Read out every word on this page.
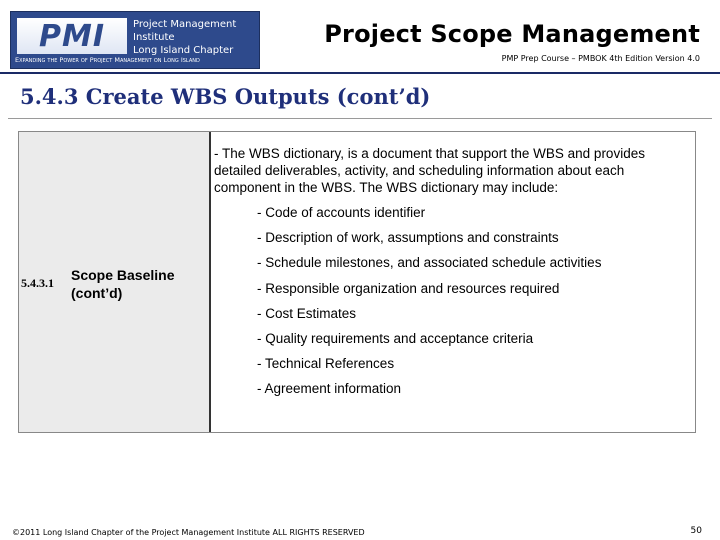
PMI	Project Management Institute
Long Island Chapter
Expanding the Power of Project Management on Long Island
Project Scope Management
PMP Prep Course – PMBOK 4th Edition Version 4.0
5.4.3 Create WBS Outputs (cont’d)
5.4.3.1 Scope Baseline (cont’d)
- The WBS dictionary, is a document that support the WBS and provides detailed deliverables, activity, and scheduling information about each component in the WBS. The WBS dictionary may include:
- Code of accounts identifier
- Description of work, assumptions and constraints
- Schedule milestones, and associated schedule activities
- Responsible organization and resources required
- Cost Estimates
- Quality requirements and acceptance criteria
- Technical References
- Agreement information
©2011 Long Island Chapter of the Project Management Institute ALL RIGHTS RESERVED	50
